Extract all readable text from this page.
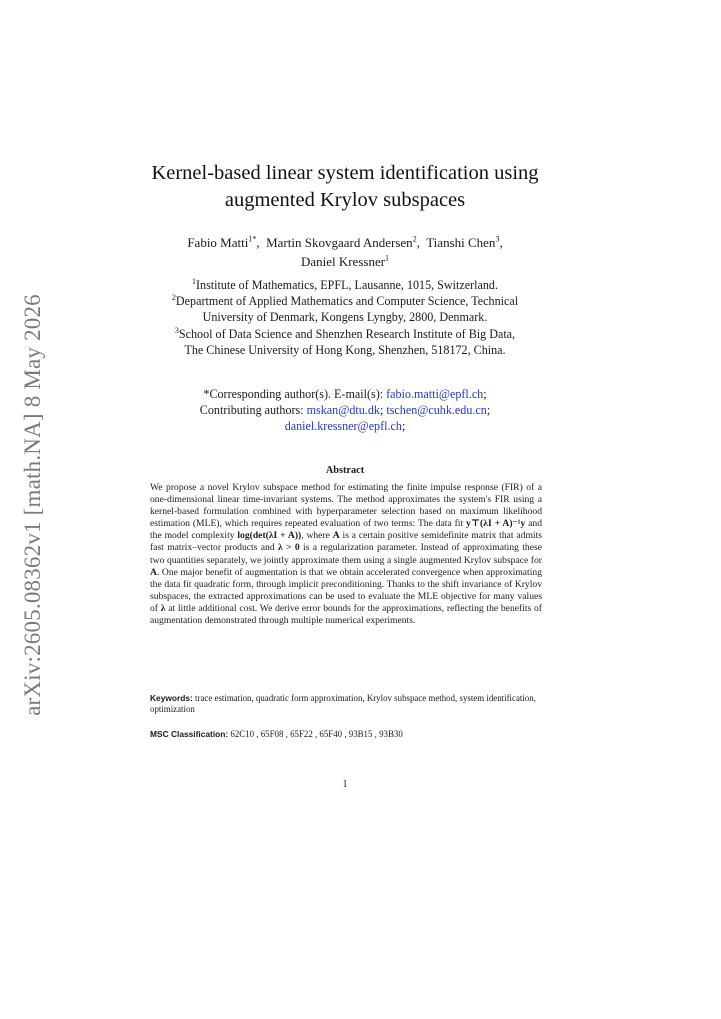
arXiv:2605.08362v1 [math.NA] 8 May 2026
Kernel-based linear system identification using
augmented Krylov subspaces
Fabio Matti$^{1*}$,  Martin Skovgaard Andersen$^2$,  Tianshi Chen$^3$,
Daniel Kressner$^1$
$^1$Institute of Mathematics, EPFL, Lausanne, 1015, Switzerland.
$^2$Department of Applied Mathematics and Computer Science, Technical
University of Denmark, Kongens Lyngby, 2800, Denmark.
$^3$School of Data Science and Shenzhen Research Institute of Big Data,
The Chinese University of Hong Kong, Shenzhen, 518172, China.
*Corresponding author(s). E-mail(s): fabio.matti@epfl.ch;
Contributing authors: mskan@dtu.dk; tschen@cuhk.edu.cn;
daniel.kressner@epfl.ch;
Abstract
We propose a novel Krylov subspace method for estimating the finite impulse response (FIR) of a one-dimensional linear time-invariant systems. The method approximates the system's FIR using a kernel-based formulation combined with hyperparameter selection based on maximum likelihood estimation (MLE), which requires repeated evaluation of two terms: The data fit y⊤(λI + A)⁻¹y and the model complexity log(det(λI + A)), where A is a certain positive semidefinite matrix that admits fast matrix–vector products and λ > 0 is a regularization parameter. Instead of approximating these two quantities separately, we jointly approximate them using a single augmented Krylov subspace for A. One major benefit of augmentation is that we obtain accelerated convergence when approximating the data fit quadratic form, through implicit preconditioning. Thanks to the shift invariance of Krylov subspaces, the extracted approximations can be used to evaluate the MLE objective for many values of λ at little additional cost. We derive error bounds for the approximations, reflecting the benefits of augmentation demonstrated through multiple numerical experiments.
Keywords: trace estimation, quadratic form approximation, Krylov subspace method, system identification, optimization
MSC Classification: 62C10 , 65F08 , 65F22 , 65F40 , 93B15 , 93B30
1
